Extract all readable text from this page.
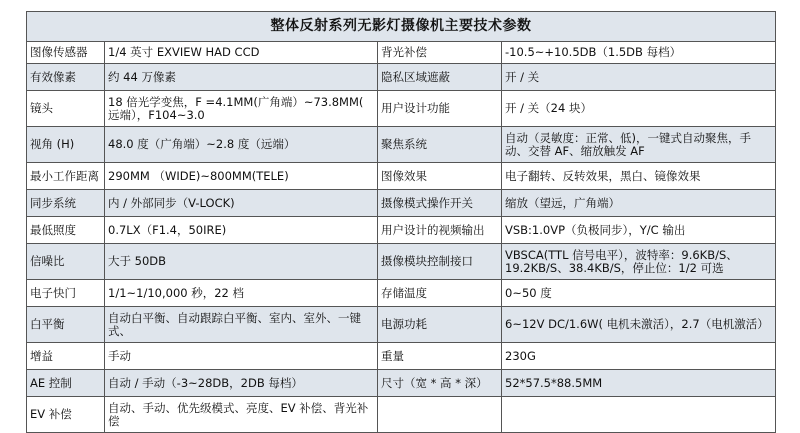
整体反射系列无影灯摄像机主要技术参数			
图像传感器	1/4 英寸 EXVIEW HAD CCD	背光补偿	-10.5~+10.5DB（1.5DB 每档）
有效像素	约 44 万像素	隐私区域遮蔽	开 / 关
镜头	18 倍光学变焦，F =4.1MM(广角端）~73.8MM( 远端），F104~3.0	用户设计功能	开 / 关（24 块）
视角 (H)	48.0 度（广角端）~2.8 度（远端）	聚焦系统	自动（灵敏度：正常、低)，一键式自动聚焦，手动、交替 AF、缩放触发 AF
最小工作距离	290MM （WIDE)~800MM(TELE)	图像效果	电子翻转、反转效果，黑白、镜像效果
同步系统	内 / 外部同步（V-LOCK)	摄像模式操作开关	缩放（望远，广角端）
最低照度	0.7LX（F1.4，50IRE)	用户设计的视频输出	VSB:1.0VP（负极同步），Y/C 输出
信噪比	大于 50DB	摄像模块控制接口	VBSCA(TTL 信号电平），波特率：9.6KB/S、19.2KB/S、38.4KB/S，停止位：1/2 可选
电子快门	1/1~1/10,000 秒，22 档	存储温度	0~50 度
白平衡	自动白平衡、自动跟踪白平衡、室内、室外、一键式、	电源功耗	6~12V DC/1.6W( 电机未激活），2.7（电机激活）
增益	手动	重量	230G
AE 控制	自动 / 手动（-3~28DB，2DB 每档）	尺寸（宽 * 高 * 深）	52*57.5*88.5MM
EV 补偿	自动、手动、优先级模式、亮度、EV 补偿、背光补偿		
